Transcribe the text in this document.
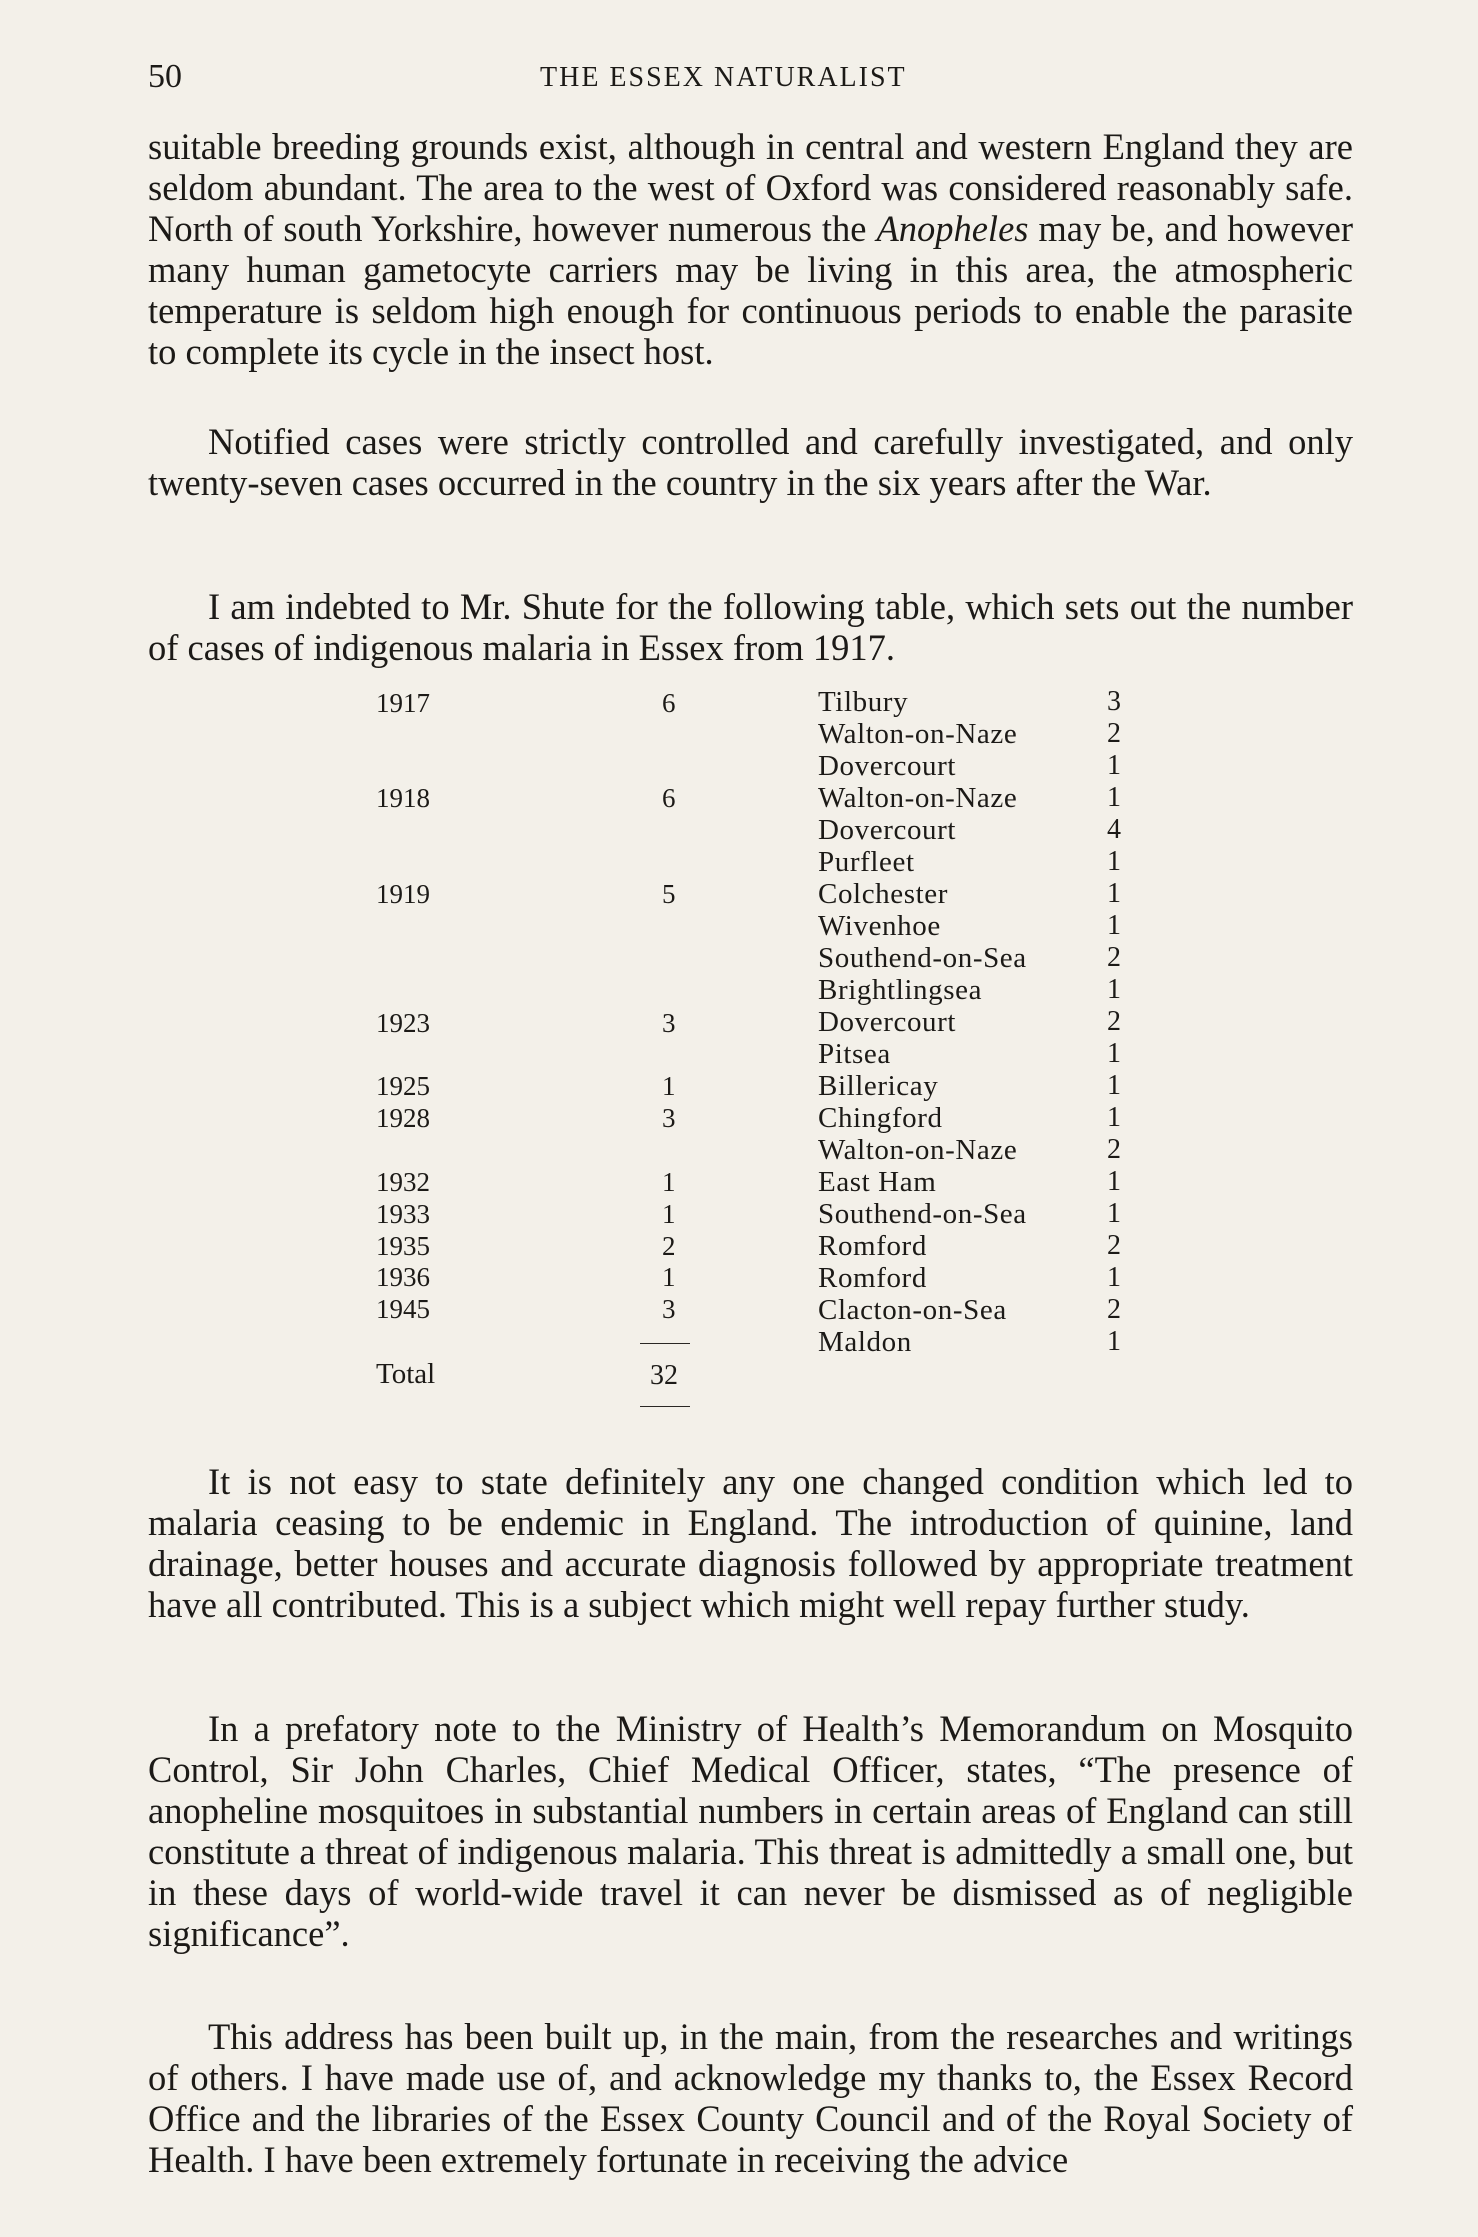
50	THE ESSEX NATURALIST

suitable breeding grounds exist, although in central and western England they are seldom abundant. The area to the west of Oxford was considered reasonably safe. North of south Yorkshire, however numerous the Anopheles may be, and however many human gametocyte carriers may be living in this area, the atmospheric temperature is seldom high enough for continuous periods to enable the parasite to complete its cycle in the insect host.

Notified cases were strictly controlled and carefully investigated, and only twenty-seven cases occurred in the country in the six years after the War.

I am indebted to Mr. Shute for the following table, which sets out the number of cases of indigenous malaria in Essex from 1917.

1917
1918
1919
1923
1925
1928
1932
1933
1935
1936
1945
6
6
5
3
1
3
1
1
2
1
3
Tilbury
Walton-on-Naze
Dovercourt
Walton-on-Naze
Dovercourt
Purfleet
Colchester
Wivenhoe
Southend-on-Sea
Brightlingsea
Dovercourt
Pitsea
Billericay
Chingford
Walton-on-Naze
East Ham
Southend-on-Sea
Romford
Romford
Clacton-on-Sea
Maldon
3
2
1
1
4
1
1
1
2
1
2
1
1
1
2
1
1
2
1
2
1
Total	32

It is not easy to state definitely any one changed condition which led to malaria ceasing to be endemic in England. The introduction of quinine, land drainage, better houses and accurate diagnosis followed by appropriate treatment have all contributed. This is a subject which might well repay further study.

In a prefatory note to the Ministry of Health’s Memorandum on Mosquito Control, Sir John Charles, Chief Medical Officer, states, “The presence of anopheline mosquitoes in substantial numbers in certain areas of England can still constitute a threat of indigenous malaria. This threat is admittedly a small one, but in these days of world-wide travel it can never be dismissed as of negligible significance”.

This address has been built up, in the main, from the researches and writings of others. I have made use of, and acknowledge my thanks to, the Essex Record Office and the libraries of the Essex County Council and of the Royal Society of Health. I have been extremely fortunate in receiving the advice
